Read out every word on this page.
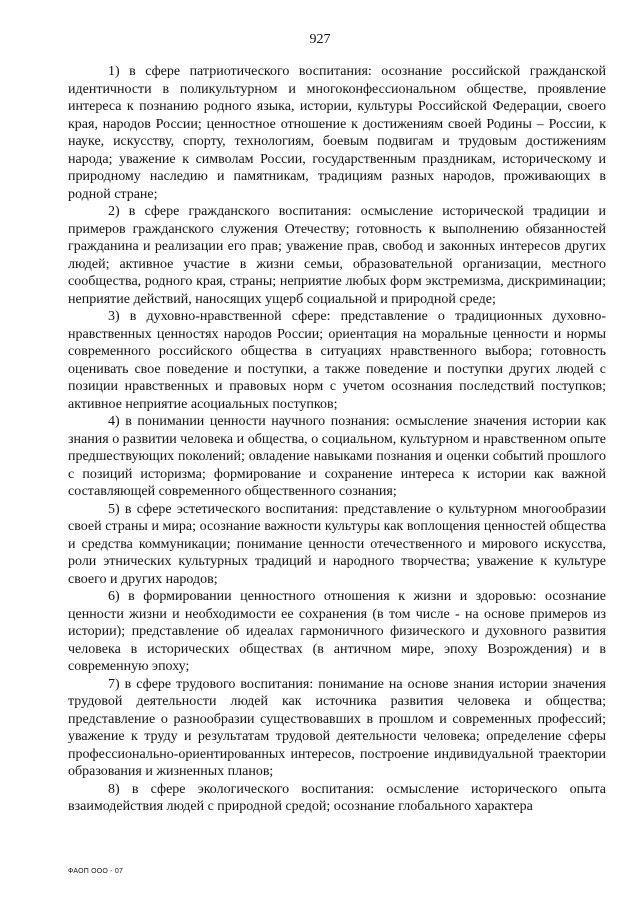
927

1) в сфере патриотического воспитания: осознание российской гражданской идентичности в поликультурном и многоконфессиональном обществе, проявление интереса к познанию родного языка, истории, культуры Российской Федерации, своего края, народов России; ценностное отношение к достижениям своей Родины – России, к науке, искусству, спорту, технологиям, боевым подвигам и трудовым достижениям народа; уважение к символам России, государственным праздникам, историческому и природному наследию и памятникам, традициям разных народов, проживающих в родной стране;

2) в сфере гражданского воспитания: осмысление исторической традиции и примеров гражданского служения Отечеству; готовность к выполнению обязанностей гражданина и реализации его прав; уважение прав, свобод и законных интересов других людей; активное участие в жизни семьи, образовательной организации, местного сообщества, родного края, страны; неприятие любых форм экстремизма, дискриминации; неприятие действий, наносящих ущерб социальной и природной среде;

3) в духовно-нравственной сфере: представление о традиционных духовно-нравственных ценностях народов России; ориентация на моральные ценности и нормы современного российского общества в ситуациях нравственного выбора; готовность оценивать свое поведение и поступки, а также поведение и поступки других людей с позиции нравственных и правовых норм с учетом осознания последствий поступков; активное неприятие асоциальных поступков;

4) в понимании ценности научного познания: осмысление значения истории как знания о развитии человека и общества, о социальном, культурном и нравственном опыте предшествующих поколений; овладение навыками познания и оценки событий прошлого с позиций историзма; формирование и сохранение интереса к истории как важной составляющей современного общественного сознания;

5) в сфере эстетического воспитания: представление о культурном многообразии своей страны и мира; осознание важности культуры как воплощения ценностей общества и средства коммуникации; понимание ценности отечественного и мирового искусства, роли этнических культурных традиций и народного творчества; уважение к культуре своего и других народов;

6) в формировании ценностного отношения к жизни и здоровью: осознание ценности жизни и необходимости ее сохранения (в том числе - на основе примеров из истории); представление об идеалах гармоничного физического и духовного развития человека в исторических обществах (в античном мире, эпоху Возрождения) и в современную эпоху;

7) в сфере трудового воспитания: понимание на основе знания истории значения трудовой деятельности людей как источника развития человека и общества; представление о разнообразии существовавших в прошлом и современных профессий; уважение к труду и результатам трудовой деятельности человека; определение сферы профессионально-ориентированных интересов, построение индивидуальной траектории образования и жизненных планов;

8) в сфере экологического воспитания: осмысление исторического опыта взаимодействия людей с природной средой; осознание глобального характера

ФАОП ООО - 07
